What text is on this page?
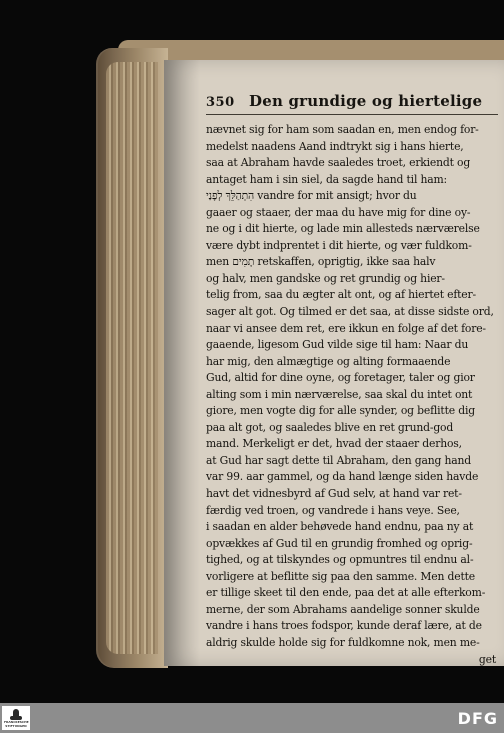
350 Den grundige og hiertelige
nævnet sig for ham som saadan en, men endog for-
medelst naadens Aand indtrykt sig i hans hierte,
saa at Abraham havde saaledes troet, erkiendt og
antaget ham i sin siel, da sagde hand til ham:
הִתְהַלֵּךְ לְפָנַי vandre for mit ansigt; hvor du
gaaer og staaer, der maa du have mig for dine oy-
ne og i dit hierte, og lade min allesteds nærværelse
være dybt indprentet i dit hierte, og vær fuldkom-
men תָמִים retskaffen, oprigtig, ikke saa halv
og halv, men gandske og ret grundig og hier-
telig from, saa du ægter alt ont, og af hiertet efter-
sager alt got. Og tilmed er det saa, at disse sidste ord,
naar vi ansee dem ret, ere ikkun en folge af det fore-
gaaende, ligesom Gud vilde sige til ham: Naar du
har mig, den almægtige og alting formaaende
Gud, altid for dine oyne, og foretager, taler og gior
alting som i min nærværelse, saa skal du intet ont
giore, men vogte dig for alle synder, og beflitte dig
paa alt got, og saaledes blive en ret grund-god
mand. Merkeligt er det, hvad der staaer derhos,
at Gud har sagt dette til Abraham, den gang hand
var 99. aar gammel, og da hand længe siden havde
havt det vidnesbyrd af Gud selv, at hand var ret-
færdig ved troen, og vandrede i hans veye. See,
i saadan en alder behøvede hand endnu, paa ny at
opvækkes af Gud til en grundig fromhed og oprig-
tighed, og at tilskyndes og opmuntres til endnu al-
vorligere at beflitte sig paa den samme. Men dette
er tillige skeet til den ende, paa det at alle efterkom-
merne, der som Abrahams aandelige sonner skulde
vandre i hans troes fodspor, kunde deraf lære, at de
aldrig skulde holde sig for fuldkomne nok, men me-
get
FRANCKESCHE STIFTUNGEN	DFG
